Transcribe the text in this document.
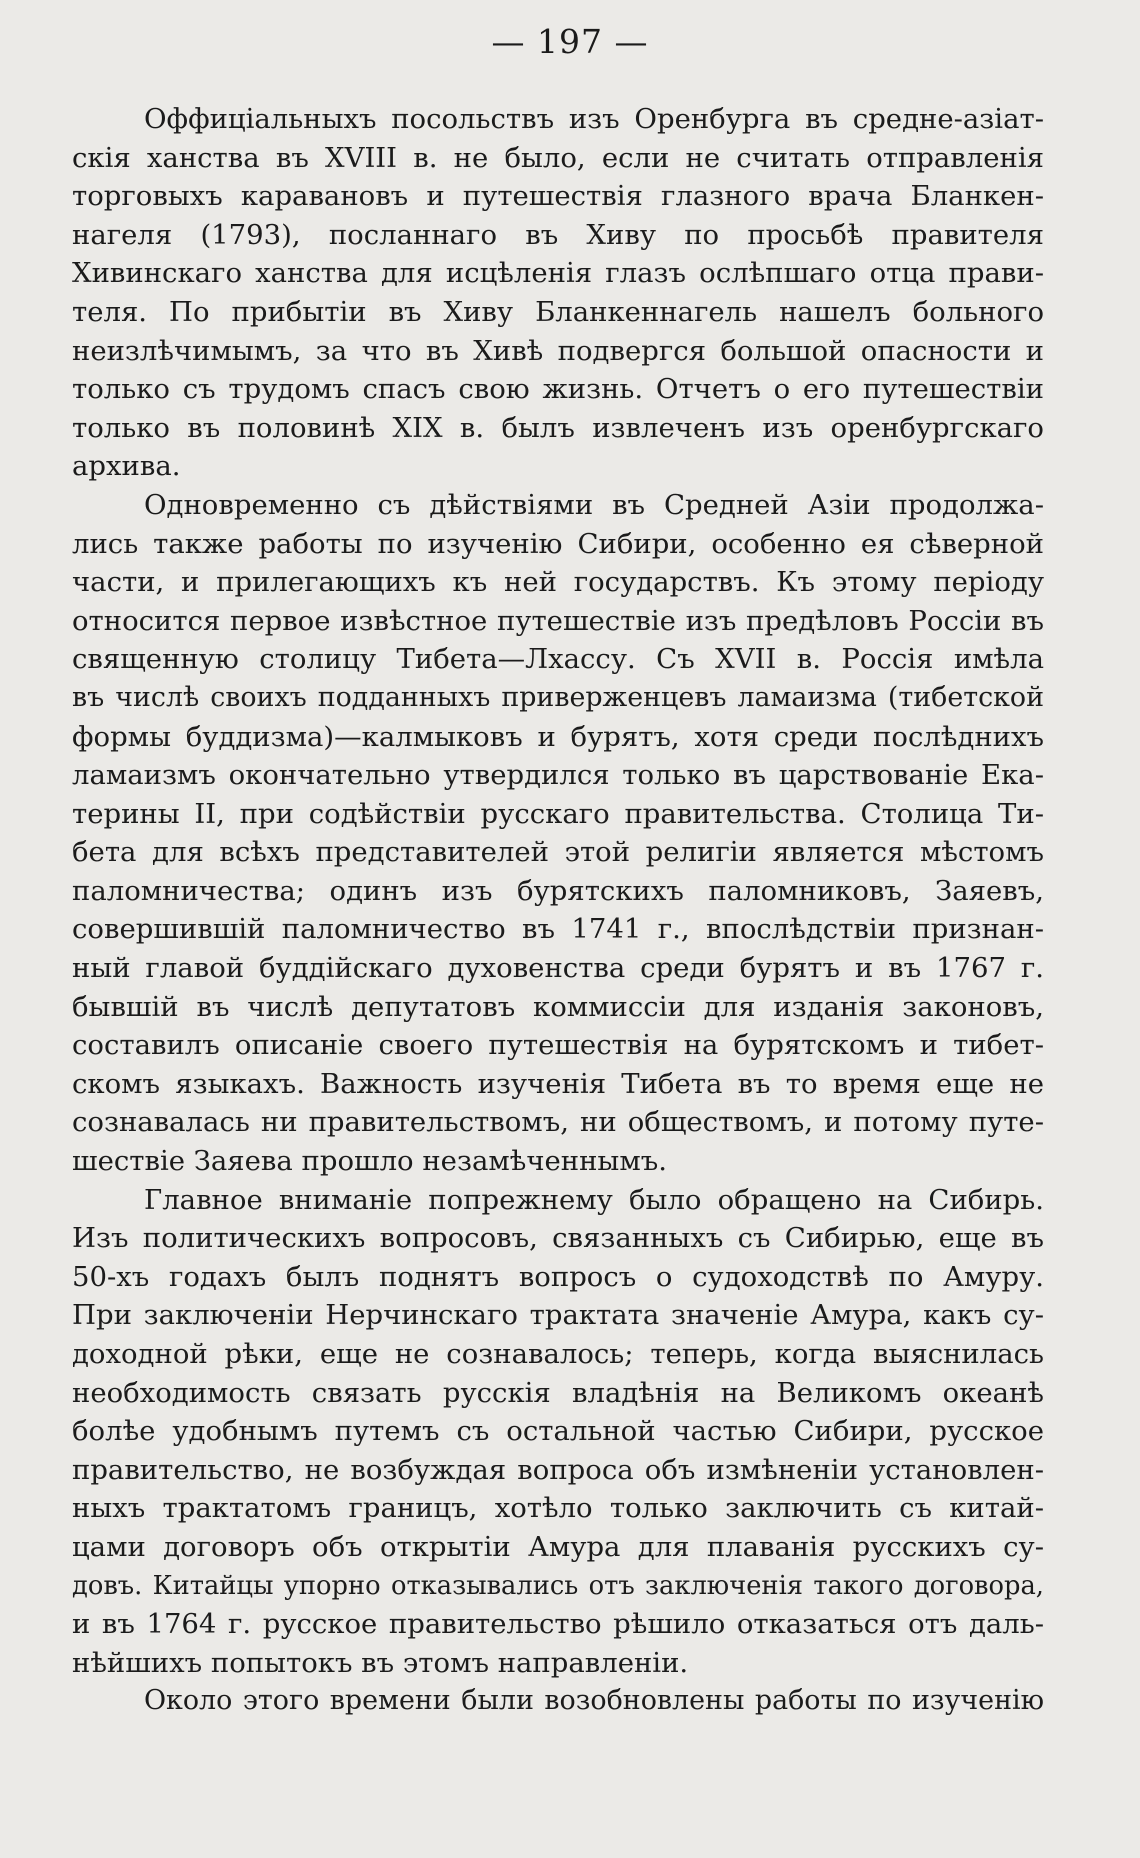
— 197 —
Оффиціальныхъ посольствъ изъ Оренбурга въ средне-азіат-
скія ханства въ XVIII в. не было, если не считать отправленія
торговыхъ каравановъ и путешествія глазного врача Бланкен-
нагеля (1793), посланнаго въ Хиву по просьбѣ правителя
Хивинскаго ханства для исцѣленія глазъ ослѣпшаго отца прави-
теля. По прибытіи въ Хиву Бланкеннагель нашелъ больного
неизлѣчимымъ, за что въ Хивѣ подвергся большой опасности и
только съ трудомъ спасъ свою жизнь. Отчетъ о его путешествіи
только въ половинѣ XIX в. былъ извлеченъ изъ оренбургскаго
архива.
Одновременно съ дѣйствіями въ Средней Азіи продолжа-
лись также работы по изученію Сибири, особенно ея сѣверной
части, и прилегающихъ къ ней государствъ. Къ этому періоду
относится первое извѣстное путешествіе изъ предѣловъ Россіи въ
священную столицу Тибета—Лхассу. Съ XVII в. Россія имѣла
въ числѣ своихъ подданныхъ приверженцевъ ламаизма (тибетской
формы буддизма)—калмыковъ и бурятъ, хотя среди послѣднихъ
ламаизмъ окончательно утвердился только въ царствованіе Ека-
терины II, при содѣйствіи русскаго правительства. Столица Ти-
бета для всѣхъ представителей этой религіи является мѣстомъ
паломничества; одинъ изъ бурятскихъ паломниковъ, Заяевъ,
совершившій паломничество въ 1741 г., впослѣдствіи признан-
ный главой буддійскаго духовенства среди бурятъ и въ 1767 г.
бывшій въ числѣ депутатовъ коммиссіи для изданія законовъ,
составилъ описаніе своего путешествія на бурятскомъ и тибет-
скомъ языкахъ. Важность изученія Тибета въ то время еще не
сознавалась ни правительствомъ, ни обществомъ, и потому путе-
шествіе Заяева прошло незамѣченнымъ.
Главное вниманіе попрежнему было обращено на Сибирь.
Изъ политическихъ вопросовъ, связанныхъ съ Сибирью, еще въ
50-хъ годахъ былъ поднятъ вопросъ о судоходствѣ по Амуру.
При заключеніи Нерчинскаго трактата значеніе Амура, какъ су-
доходной рѣки, еще не сознавалось; теперь, когда выяснилась
необходимость связать русскія владѣнія на Великомъ океанѣ
болѣе удобнымъ путемъ съ остальной частью Сибири, русское
правительство, не возбуждая вопроса объ измѣненіи установлен-
ныхъ трактатомъ границъ, хотѣло только заключить съ китай-
цами договоръ объ открытіи Амура для плаванія русскихъ су-
довъ. Китайцы упорно отказывались отъ заключенія такого договора,
и въ 1764 г. русское правительство рѣшило отказаться отъ даль-
нѣйшихъ попытокъ въ этомъ направленіи.
Около этого времени были возобновлены работы по изученію
